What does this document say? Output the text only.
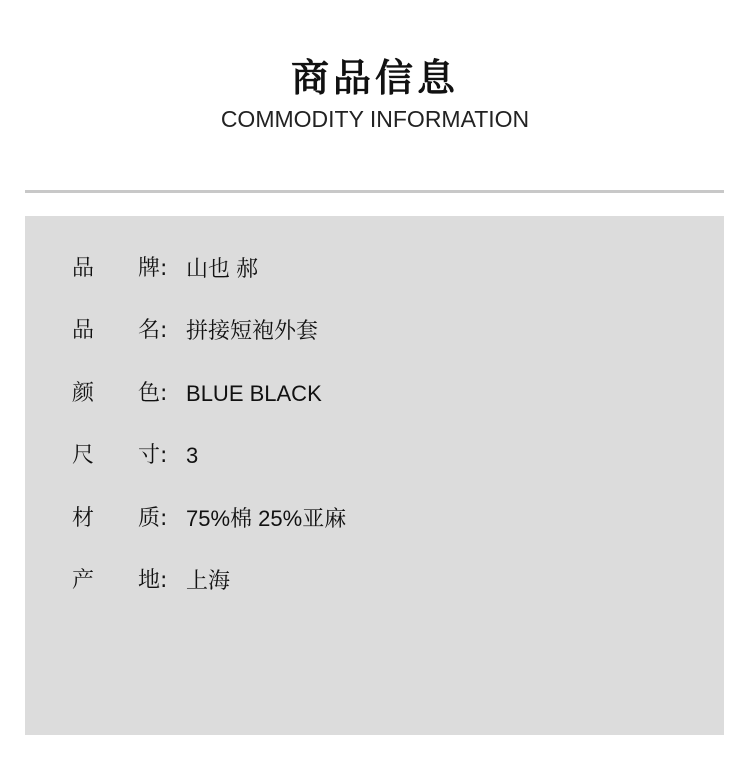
商品信息
COMMODITY INFORMATION
品	牌 : 山也 郝
品	名 : 拼接短袍外套
颜	色 : BLUE BLACK
尺	寸 : 3
材	质 : 75%棉 25%亚麻
产	地 : 上海
